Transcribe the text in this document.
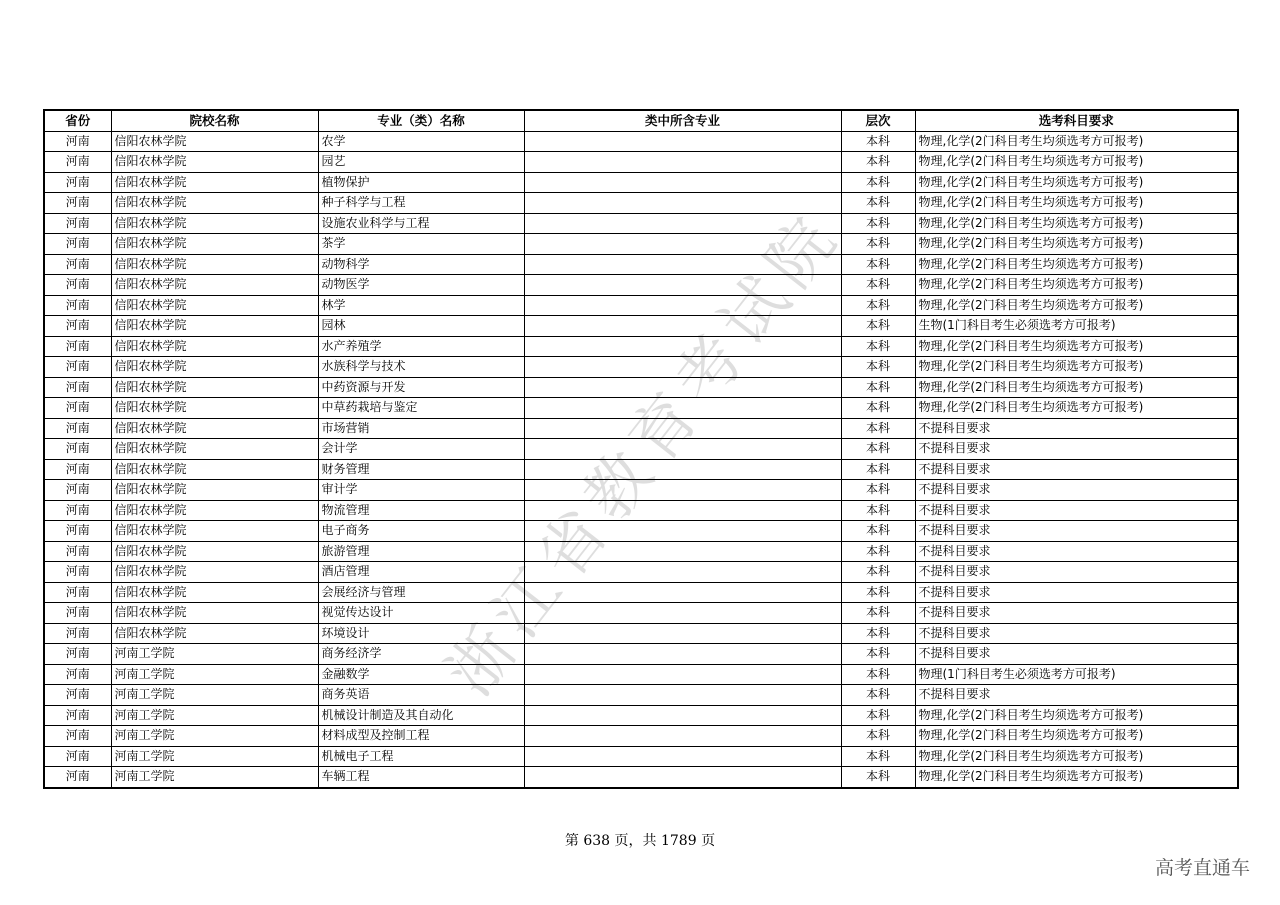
浙江省教育考试院
省份	院校名称	专业（类）名称	类中所含专业	层次	选考科目要求
河南	信阳农林学院	农学		本科	物理,化学(2门科目考生均须选考方可报考)
河南	信阳农林学院	园艺		本科	物理,化学(2门科目考生均须选考方可报考)
河南	信阳农林学院	植物保护		本科	物理,化学(2门科目考生均须选考方可报考)
河南	信阳农林学院	种子科学与工程		本科	物理,化学(2门科目考生均须选考方可报考)
河南	信阳农林学院	设施农业科学与工程		本科	物理,化学(2门科目考生均须选考方可报考)
河南	信阳农林学院	茶学		本科	物理,化学(2门科目考生均须选考方可报考)
河南	信阳农林学院	动物科学		本科	物理,化学(2门科目考生均须选考方可报考)
河南	信阳农林学院	动物医学		本科	物理,化学(2门科目考生均须选考方可报考)
河南	信阳农林学院	林学		本科	物理,化学(2门科目考生均须选考方可报考)
河南	信阳农林学院	园林		本科	生物(1门科目考生必须选考方可报考)
河南	信阳农林学院	水产养殖学		本科	物理,化学(2门科目考生均须选考方可报考)
河南	信阳农林学院	水族科学与技术		本科	物理,化学(2门科目考生均须选考方可报考)
河南	信阳农林学院	中药资源与开发		本科	物理,化学(2门科目考生均须选考方可报考)
河南	信阳农林学院	中草药栽培与鉴定		本科	物理,化学(2门科目考生均须选考方可报考)
河南	信阳农林学院	市场营销		本科	不提科目要求
河南	信阳农林学院	会计学		本科	不提科目要求
河南	信阳农林学院	财务管理		本科	不提科目要求
河南	信阳农林学院	审计学		本科	不提科目要求
河南	信阳农林学院	物流管理		本科	不提科目要求
河南	信阳农林学院	电子商务		本科	不提科目要求
河南	信阳农林学院	旅游管理		本科	不提科目要求
河南	信阳农林学院	酒店管理		本科	不提科目要求
河南	信阳农林学院	会展经济与管理		本科	不提科目要求
河南	信阳农林学院	视觉传达设计		本科	不提科目要求
河南	信阳农林学院	环境设计		本科	不提科目要求
河南	河南工学院	商务经济学		本科	不提科目要求
河南	河南工学院	金融数学		本科	物理(1门科目考生必须选考方可报考)
河南	河南工学院	商务英语		本科	不提科目要求
河南	河南工学院	机械设计制造及其自动化		本科	物理,化学(2门科目考生均须选考方可报考)
河南	河南工学院	材料成型及控制工程		本科	物理,化学(2门科目考生均须选考方可报考)
河南	河南工学院	机械电子工程		本科	物理,化学(2门科目考生均须选考方可报考)
河南	河南工学院	车辆工程		本科	物理,化学(2门科目考生均须选考方可报考)
第 638 页，共 1789 页
高考直通车
